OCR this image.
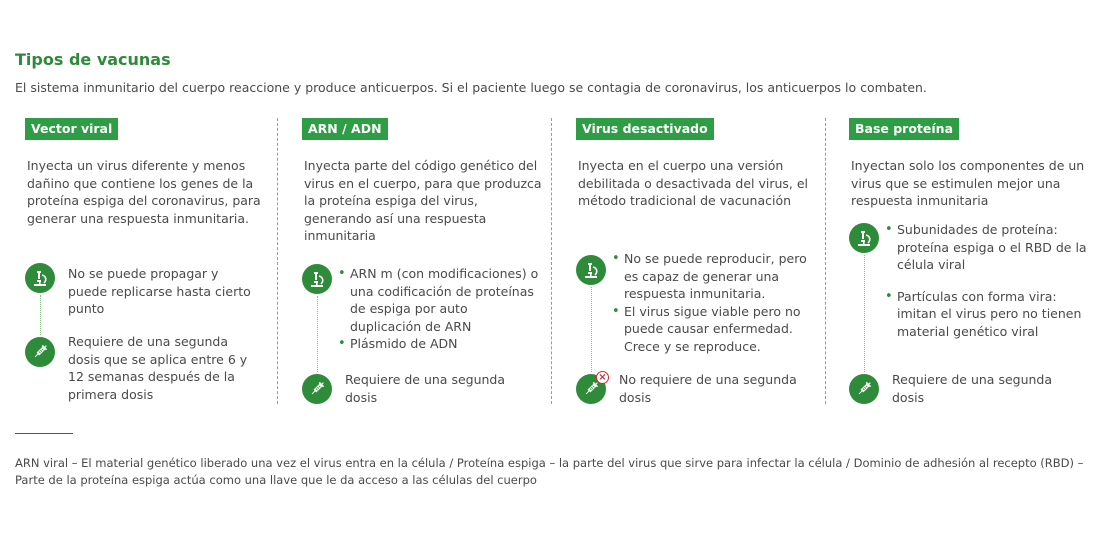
Tipos de vacunas
El sistema inmunitario del cuerpo reaccione y produce anticuerpos. Si el paciente luego se contagia de coronavirus, los anticuerpos lo combaten.
Vector viral
Inyecta un virus diferente y menos dañino que contiene los genes de la proteína espiga del coronavirus, para generar una respuesta inmunitaria.
No se puede propagar y puede replicarse hasta cierto punto
Requiere de una segunda dosis que se aplica entre 6 y 12 semanas después de la primera dosis
ARN / ADN
Inyecta parte del código genético del virus en el cuerpo, para que produzca la proteína espiga del virus, generando así una respuesta inmunitaria
• ARN m (con modificaciones) o una codificación de proteínas de espiga por auto duplicación de ARN
• Plásmido de ADN
Requiere de una segunda dosis
Virus desactivado
Inyecta en el cuerpo una versión debilitada o desactivada del virus, el método tradicional de vacunación
• No se puede reproducir, pero es capaz de generar una respuesta inmunitaria.
• El virus sigue viable pero no puede causar enfermedad. Crece y se reproduce.
× No requiere de una segunda dosis
Base proteína
Inyectan solo los componentes de un virus que se estimulen mejor una respuesta inmunitaria
• Subunidades de proteína: proteína espiga o el RBD de la célula viral
• Partículas con forma vira: imitan el virus pero no tienen material genético viral
Requiere de una segunda dosis
ARN viral – El material genético liberado una vez el virus entra en la célula / Proteína espiga – la parte del virus que sirve para infectar la célula / Dominio de adhesión al recepto (RBD) – Parte de la proteína espiga actúa como una llave que le da acceso a las células del cuerpo
